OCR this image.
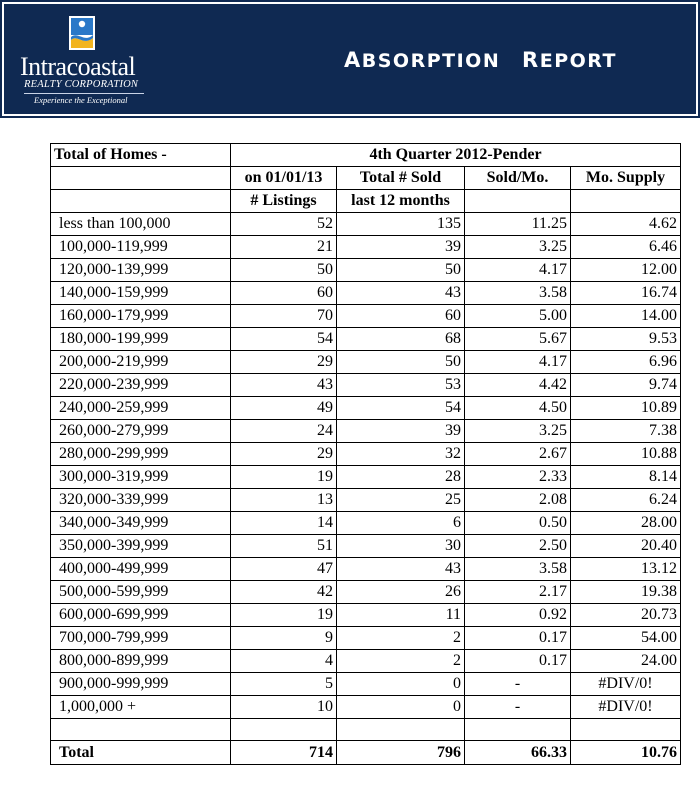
Intracoastal
REALTY CORPORATION
Experience the Exceptional
absorption report
Total of Homes -	4th Quarter 2012-Pender			
	on 01/01/13	Total # Sold	Sold/Mo.	Mo. Supply
	# Listings	last 12 months		
less than 100,000	52	135	11.25	4.62
100,000-119,999	21	39	3.25	6.46
120,000-139,999	50	50	4.17	12.00
140,000-159,999	60	43	3.58	16.74
160,000-179,999	70	60	5.00	14.00
180,000-199,999	54	68	5.67	9.53
200,000-219,999	29	50	4.17	6.96
220,000-239,999	43	53	4.42	9.74
240,000-259,999	49	54	4.50	10.89
260,000-279,999	24	39	3.25	7.38
280,000-299,999	29	32	2.67	10.88
300,000-319,999	19	28	2.33	8.14
320,000-339,999	13	25	2.08	6.24
340,000-349,999	14	6	0.50	28.00
350,000-399,999	51	30	2.50	20.40
400,000-499,999	47	43	3.58	13.12
500,000-599,999	42	26	2.17	19.38
600,000-699,999	19	11	0.92	20.73
700,000-799,999	9	2	0.17	54.00
800,000-899,999	4	2	0.17	24.00
900,000-999,999	5	0	-	#DIV/0!
1,000,000 +	10	0	-	#DIV/0!

Total	714	796	66.33	10.76
